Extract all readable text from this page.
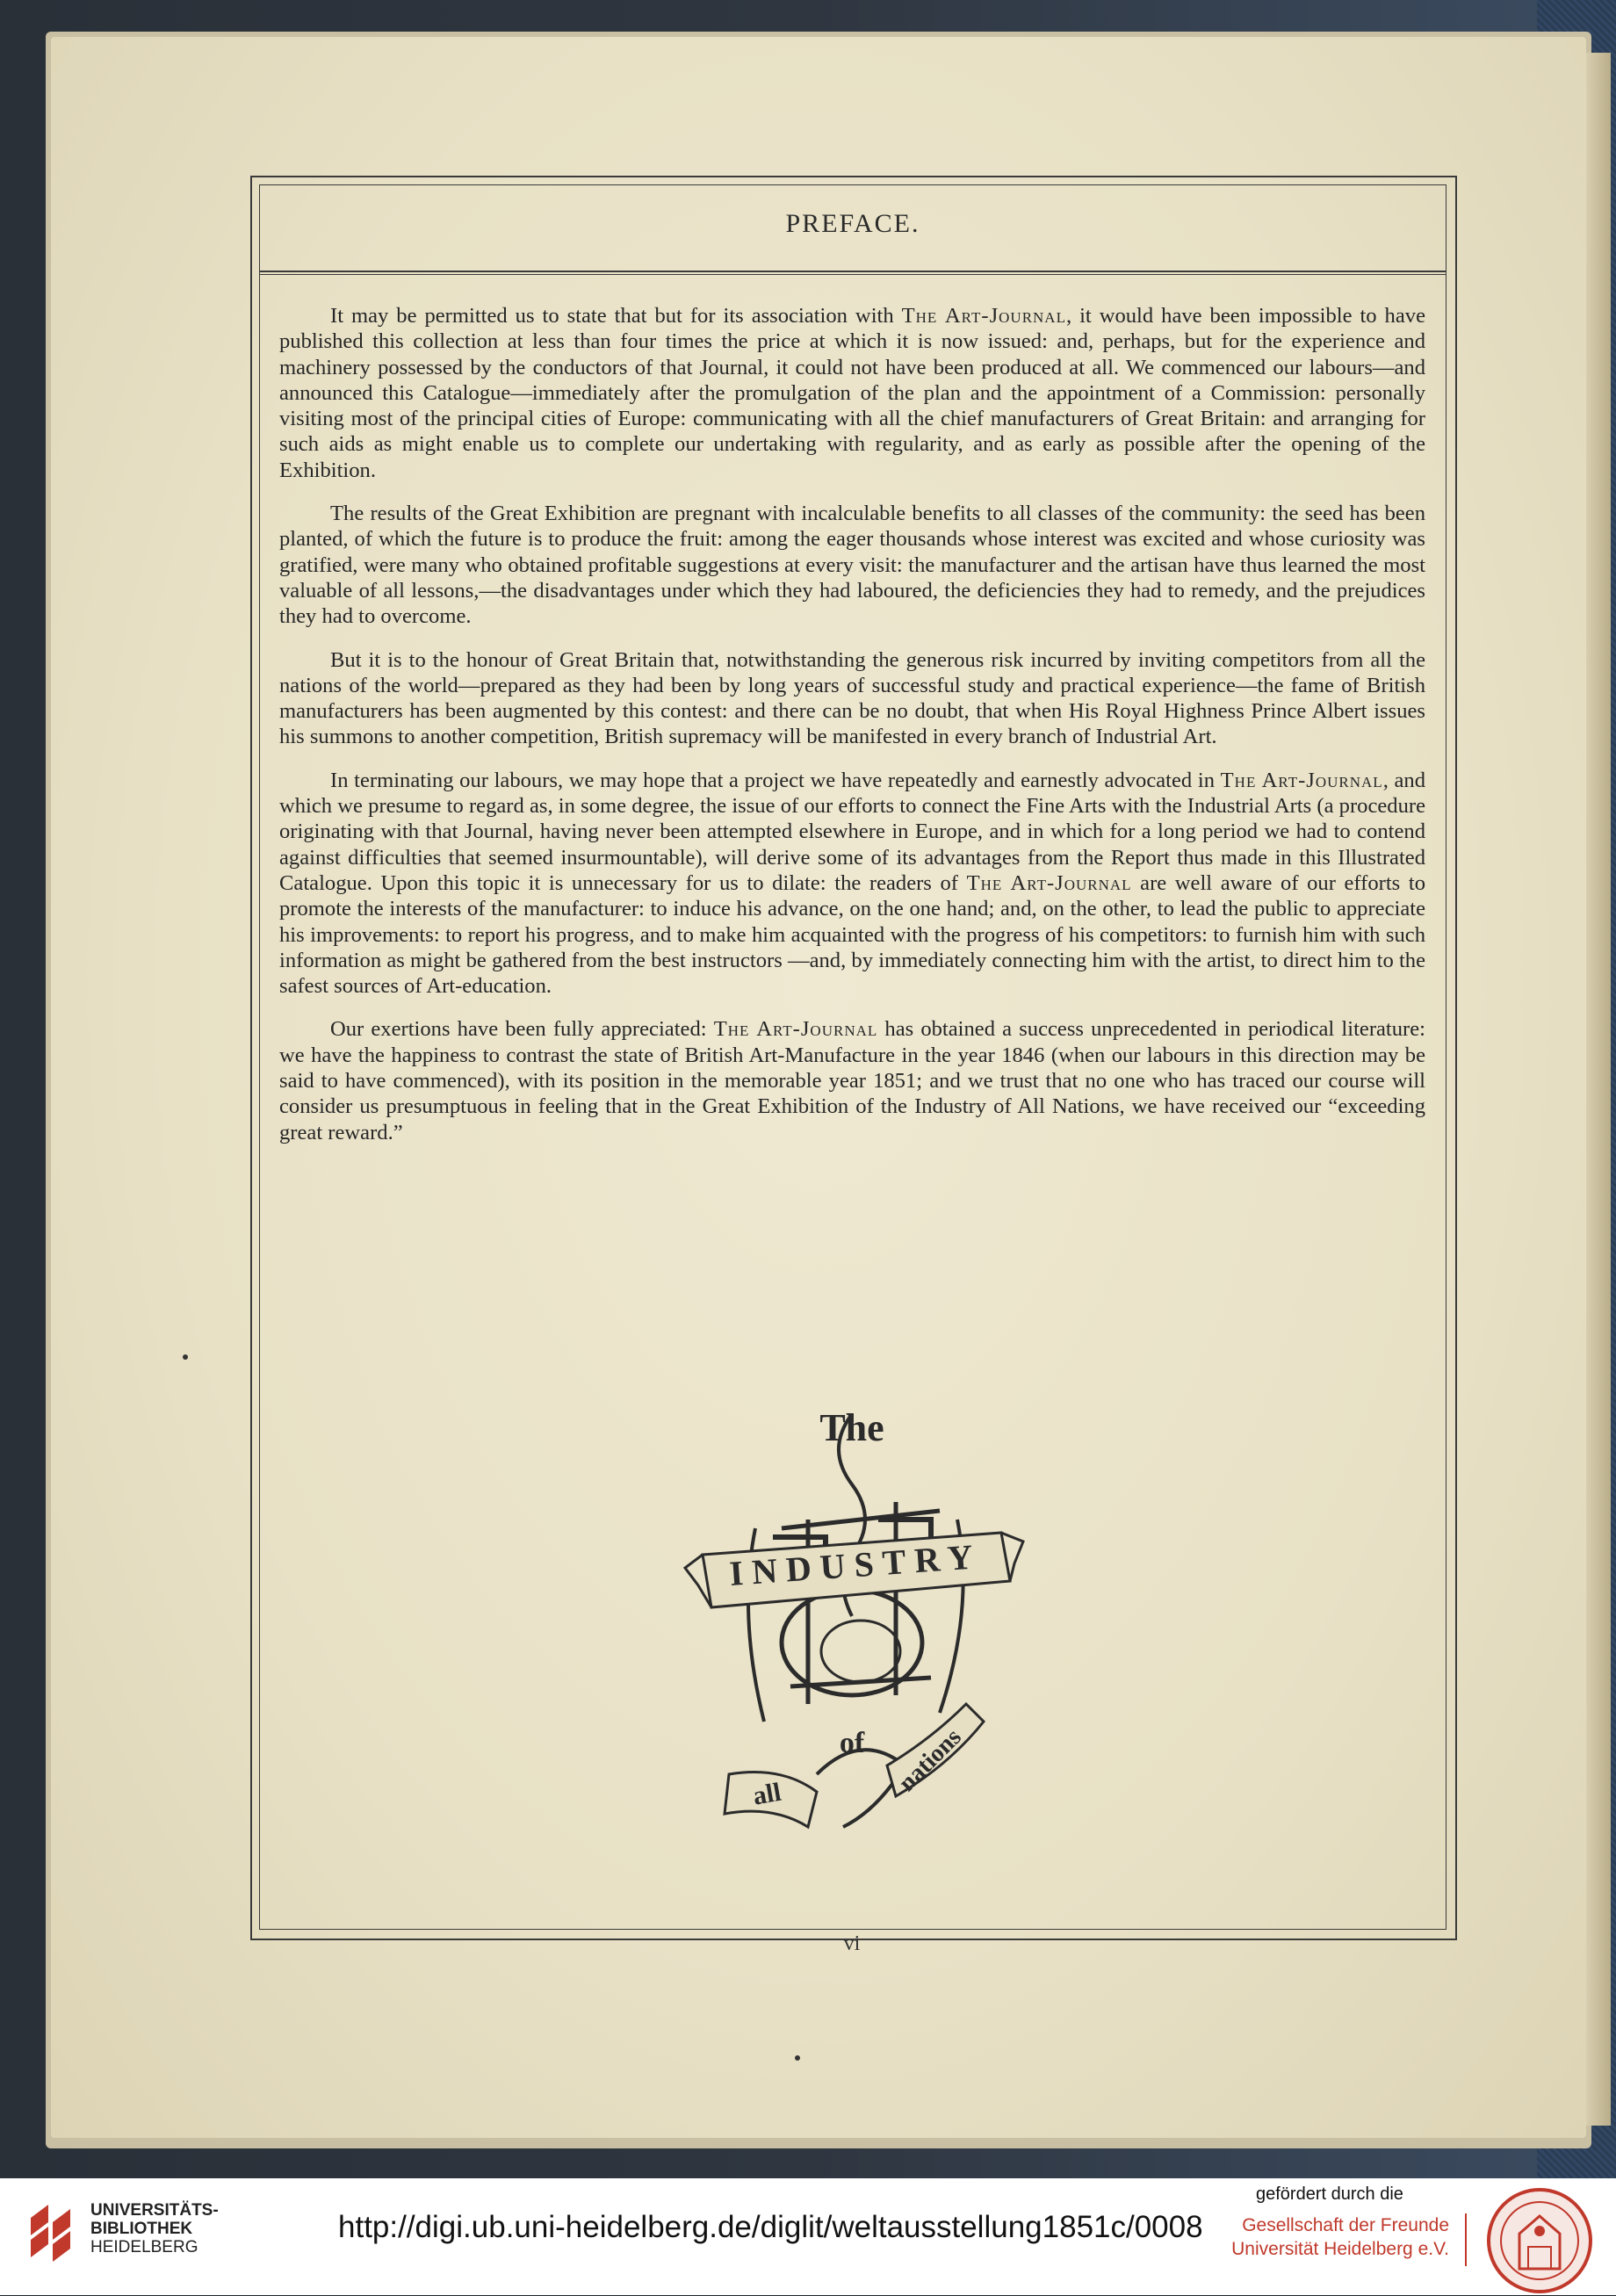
PREFACE.

It may be permitted us to state that but for its association with The Art-Journal, it would have been impossible to have published this collection at less than four times the price at which it is now issued: and, perhaps, but for the experience and machinery possessed by the conductors of that Journal, it could not have been produced at all. We commenced our labours—and announced this Catalogue—immediately after the promulgation of the plan and the appointment of a Commission: personally visiting most of the principal cities of Europe: communicating with all the chief manufacturers of Great Britain: and arranging for such aids as might enable us to complete our undertaking with regularity, and as early as possible after the opening of the Exhibition.

The results of the Great Exhibition are pregnant with incalculable benefits to all classes of the community: the seed has been planted, of which the future is to produce the fruit: among the eager thousands whose interest was excited and whose curiosity was gratified, were many who obtained profitable suggestions at every visit: the manufacturer and the artisan have thus learned the most valuable of all lessons,—the disadvantages under which they had laboured, the deficiencies they had to remedy, and the prejudices they had to overcome.

But it is to the honour of Great Britain that, notwithstanding the generous risk incurred by inviting competitors from all the nations of the world—prepared as they had been by long years of successful study and practical experience—the fame of British manufacturers has been augmented by this contest: and there can be no doubt, that when His Royal Highness Prince Albert issues his summons to another competition, British supremacy will be manifested in every branch of Industrial Art.

In terminating our labours, we may hope that a project we have repeatedly and earnestly advocated in The Art-Journal, and which we presume to regard as, in some degree, the issue of our efforts to connect the Fine Arts with the Industrial Arts (a procedure originating with that Journal, having never been attempted elsewhere in Europe, and in which for a long period we had to contend against difficulties that seemed insurmountable), will derive some of its advantages from the Report thus made in this Illustrated Catalogue. Upon this topic it is unnecessary for us to dilate: the readers of The Art-Journal are well aware of our efforts to promote the interests of the manufacturer: to induce his advance, on the one hand; and, on the other, to lead the public to appreciate his improvements: to report his progress, and to make him acquainted with the progress of his competitors: to furnish him with such information as might be gathered from the best instructors —and, by immediately connecting him with the artist, to direct him to the safest sources of Art-education.

Our exertions have been fully appreciated: The Art-Journal has obtained a success unprecedented in periodical literature: we have the happiness to contrast the state of British Art-Manufacture in the year 1846 (when our labours in this direction may be said to have commenced), with its position in the memorable year 1851; and we trust that no one who has traced our course will consider us presumptuous in feeling that in the Great Exhibition of the Industry of All Nations, we have received our “exceeding great reward.”

The
INDUSTRY
of
all	nations
vi
UNIVERSITÄTS-
BIBLIOTHEK
HEIDELBERG
http://digi.ub.uni-heidelberg.de/diglit/weltausstellung1851c/0008
gefördert durch die
Gesellschaft der Freunde
Universität Heidelberg e.V.
